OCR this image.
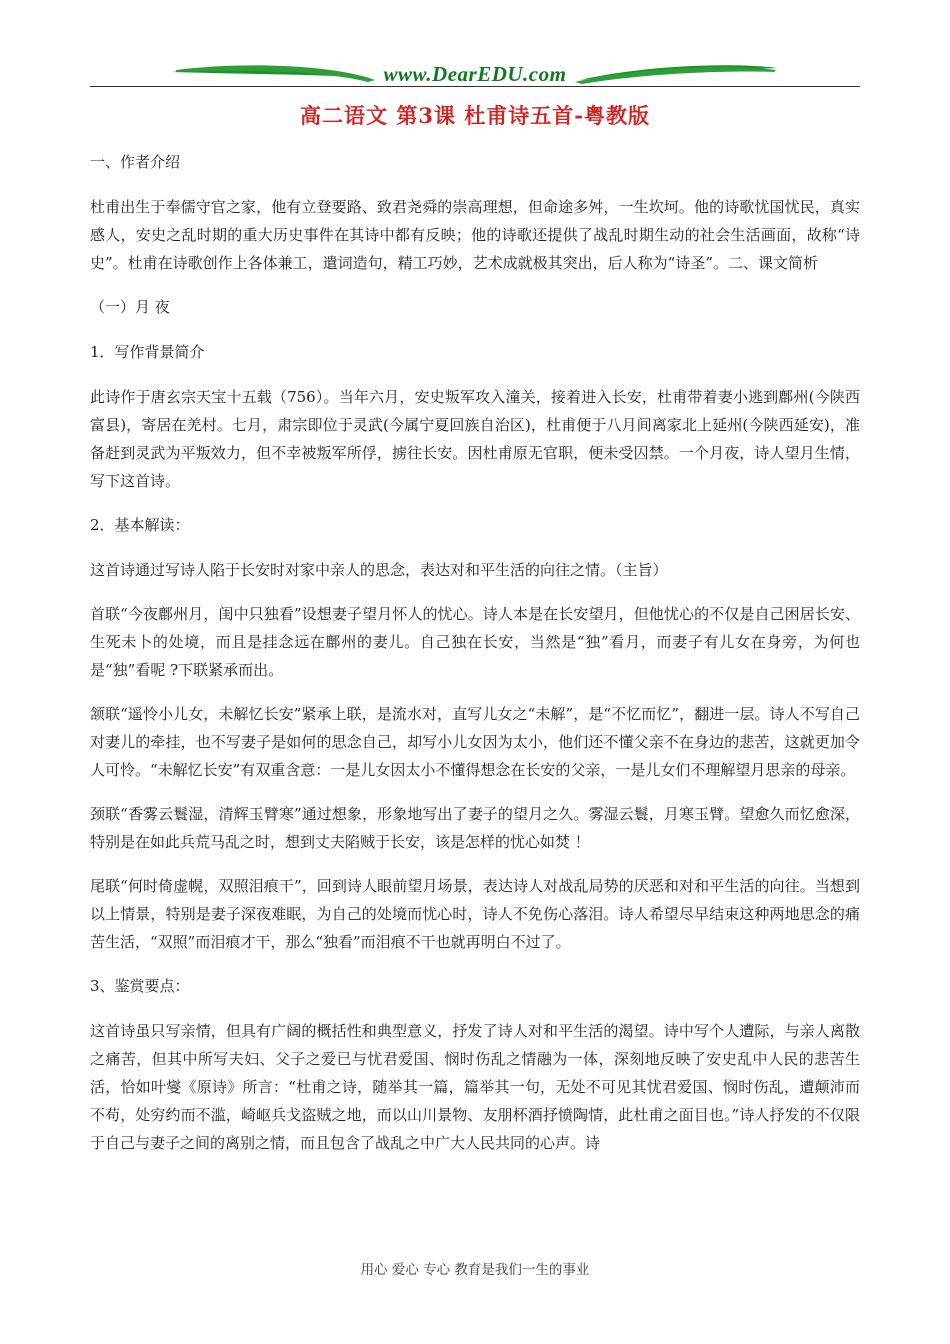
www.DearEDU.com
高二语文 第3课 杜甫诗五首-粤教版

一、作者介绍

杜甫出生于奉儒守官之家，他有立登要路、致君尧舜的崇高理想，但命途多舛，一生坎坷。他的诗歌忧国忧民，真实感人，安史之乱时期的重大历史事件在其诗中都有反映；他的诗歌还提供了战乱时期生动的社会生活画面，故称“诗史”。杜甫在诗歌创作上各体兼工，遣词造句，精工巧妙，艺术成就极其突出，后人称为“诗圣”。二、课文简析

（一）月 夜

1．写作背景简介

此诗作于唐玄宗天宝十五载（756）。当年六月，安史叛军攻入潼关，接着进入长安，杜甫带着妻小逃到鄜州(今陕西富县)，寄居在羌村。七月，肃宗即位于灵武(今属宁夏回族自治区)，杜甫便于八月间离家北上延州(今陕西延安)，准备赶到灵武为平叛效力，但不幸被叛军所俘，掳往长安。因杜甫原无官职，便未受囚禁。一个月夜，诗人望月生情，写下这首诗。

2．基本解读：

这首诗通过写诗人陷于长安时对家中亲人的思念，表达对和平生活的向往之情。（主旨）

首联“今夜鄜州月，闺中只独看”设想妻子望月怀人的忧心。诗人本是在长安望月，但他忧心的不仅是自己困居长安、生死未卜的处境，而且是挂念远在鄜州的妻儿。自己独在长安，当然是“独”看月，而妻子有儿女在身旁，为何也是“独”看呢 ?下联紧承而出。

颔联“遥怜小儿女，未解忆长安”紧承上联，是流水对，直写儿女之“未解”，是“不忆而忆”，翻进一层。诗人不写自己对妻儿的牵挂，也不写妻子是如何的思念自己，却写小儿女因为太小，他们还不懂父亲不在身边的悲苦，这就更加令人可怜。“未解忆长安”有双重含意：一是儿女因太小不懂得想念在长安的父亲，一是儿女们不理解望月思亲的母亲。

颈联“香雾云鬟湿，清辉玉臂寒”通过想象，形象地写出了妻子的望月之久。雾湿云鬟，月寒玉臂。望愈久而忆愈深，特别是在如此兵荒马乱之时，想到丈夫陷贼于长安，该是怎样的忧心如焚 ！

尾联“何时倚虚幌，双照泪痕干”，回到诗人眼前望月场景，表达诗人对战乱局势的厌恶和对和平生活的向往。当想到以上情景，特别是妻子深夜难眠，为自己的处境而忧心时，诗人不免伤心落泪。诗人希望尽早结束这种两地思念的痛苦生活，“双照”而泪痕才干，那么“独看”而泪痕不干也就再明白不过了。

3、鉴赏要点：

这首诗虽只写亲情，但具有广阔的概括性和典型意义，抒发了诗人对和平生活的渴望。诗中写个人遭际，与亲人离散之痛苦，但其中所写夫妇、父子之爱已与忧君爱国、悯时伤乱之情融为一体，深刻地反映了安史乱中人民的悲苦生活，恰如叶燮《原诗》所言：“杜甫之诗，随举其一篇，篇举其一句，无处不可见其忧君爱国、悯时伤乱，遭颠沛而不苟，处穷约而不滥，崎岖兵戈盗贼之地，而以山川景物、友朋杯酒抒愤陶情，此杜甫之面目也。”诗人抒发的不仅限于自己与妻子之间的离别之情，而且包含了战乱之中广大人民共同的心声。诗

用心 爱心 专心 教育是我们一生的事业
